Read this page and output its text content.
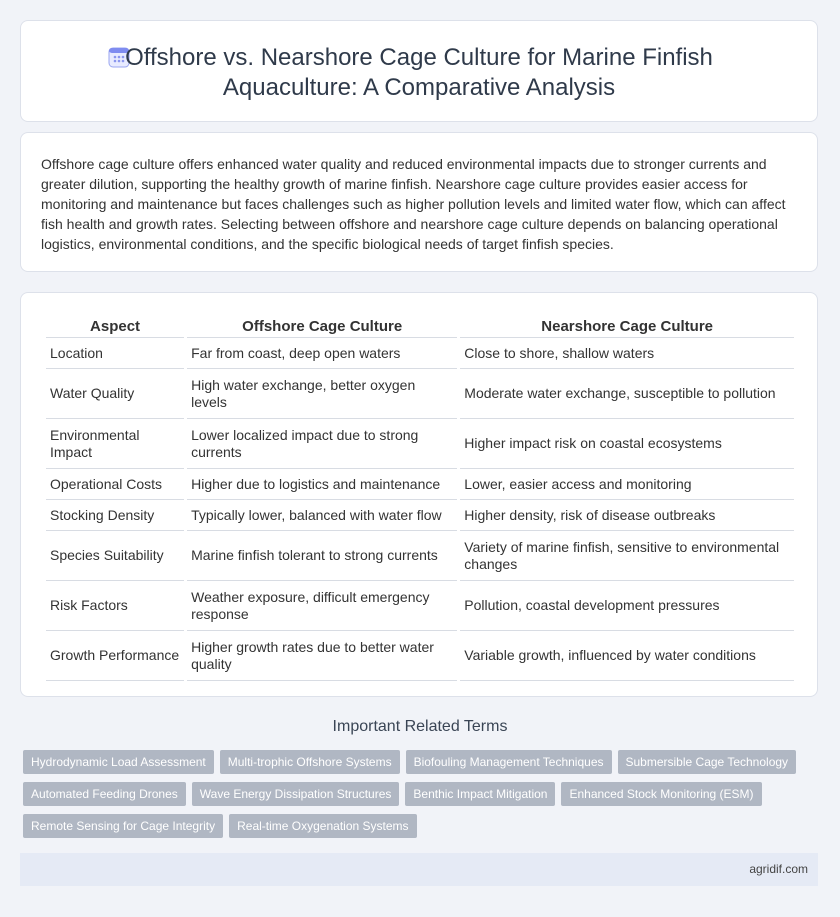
Offshore vs. Nearshore Cage Culture for Marine Finfish
Aquaculture: A Comparative Analysis
Offshore cage culture offers enhanced water quality and reduced environmental impacts due to stronger currents and greater dilution, supporting the healthy growth of marine finfish. Nearshore cage culture provides easier access for monitoring and maintenance but faces challenges such as higher pollution levels and limited water flow, which can affect fish health and growth rates. Selecting between offshore and nearshore cage culture depends on balancing operational logistics, environmental conditions, and the specific biological needs of target finfish species.
Aspect	Offshore Cage Culture	Nearshore Cage Culture
Location	Far from coast, deep open waters	Close to shore, shallow waters
Water Quality	High water exchange, better oxygen levels	Moderate water exchange, susceptible to pollution
Environmental Impact	Lower localized impact due to strong currents	Higher impact risk on coastal ecosystems
Operational Costs	Higher due to logistics and maintenance	Lower, easier access and monitoring
Stocking Density	Typically lower, balanced with water flow	Higher density, risk of disease outbreaks
Species Suitability	Marine finfish tolerant to strong currents	Variety of marine finfish, sensitive to environmental changes
Risk Factors	Weather exposure, difficult emergency response	Pollution, coastal development pressures
Growth Performance	Higher growth rates due to better water quality	Variable growth, influenced by water conditions
Important Related Terms
Hydrodynamic Load Assessment	Multi-trophic Offshore Systems	Biofouling Management Techniques	Submersible Cage Technology
Automated Feeding Drones	Wave Energy Dissipation Structures	Benthic Impact Mitigation	Enhanced Stock Monitoring (ESM)
Remote Sensing for Cage Integrity	Real-time Oxygenation Systems
agridif.com
